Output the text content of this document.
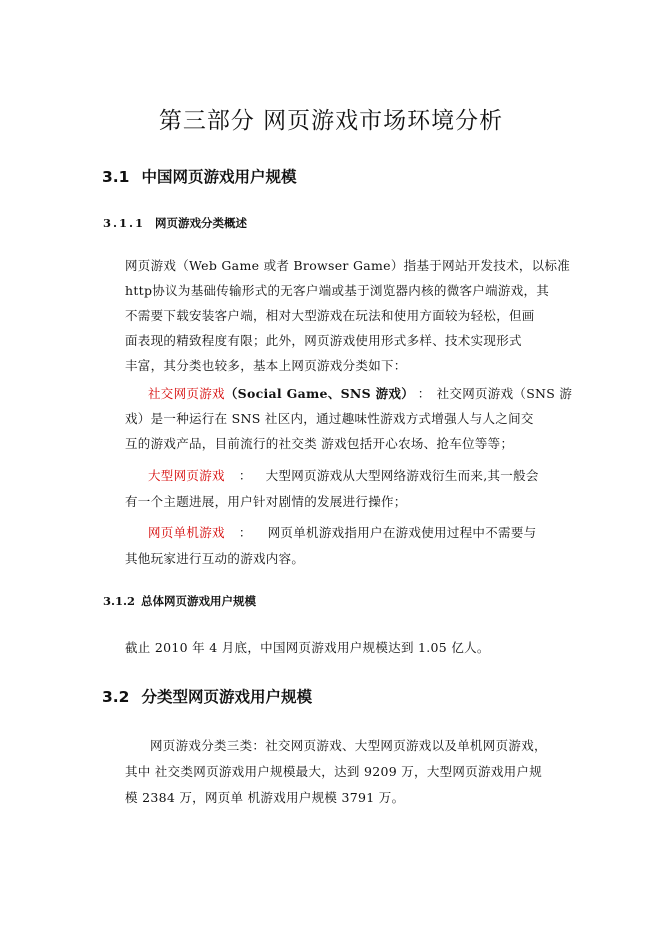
第三部分 网页游戏市场环境分析
3.1 中国网页游戏用户规模
3.1.1 网页游戏分类概述
网页游戏（Web Game 或者 Browser Game）指基于网站开发技术，以标准
http协议为基础传输形式的无客户端或基于浏览器内核的微客户端游戏，其
不需要下载安装客户端，相对大型游戏在玩法和使用方面较为轻松，但画
面表现的精致程度有限；此外，网页游戏使用形式多样、技术实现形式
丰富，其分类也较多，基本上网页游戏分类如下：
社交网页游戏（Social Game、SNS 游戏） ： 社交网页游戏（SNS 游
戏）是一种运行在 SNS 社区内，通过趣味性游戏方式增强人与人之间交
互的游戏产品，目前流行的社交类 游戏包括开心农场、抢车位等等；
大型网页游戏 ： 大型网页游戏从大型网络游戏衍生而来,其一般会
有一个主题进展，用户针对剧情的发展进行操作；
网页单机游戏 ： 网页单机游戏指用户在游戏使用过程中不需要与
其他玩家进行互动的游戏内容。
3.1.2 总体网页游戏用户规模
截止 2010 年 4 月底，中国网页游戏用户规模达到 1.05 亿人。
3.2 分类型网页游戏用户规模
网页游戏分类三类：社交网页游戏、大型网页游戏以及单机网页游戏，
其中 社交类网页游戏用户规模最大，达到 9209 万，大型网页游戏用户规
模 2384 万，网页单 机游戏用户规模 3791 万。
